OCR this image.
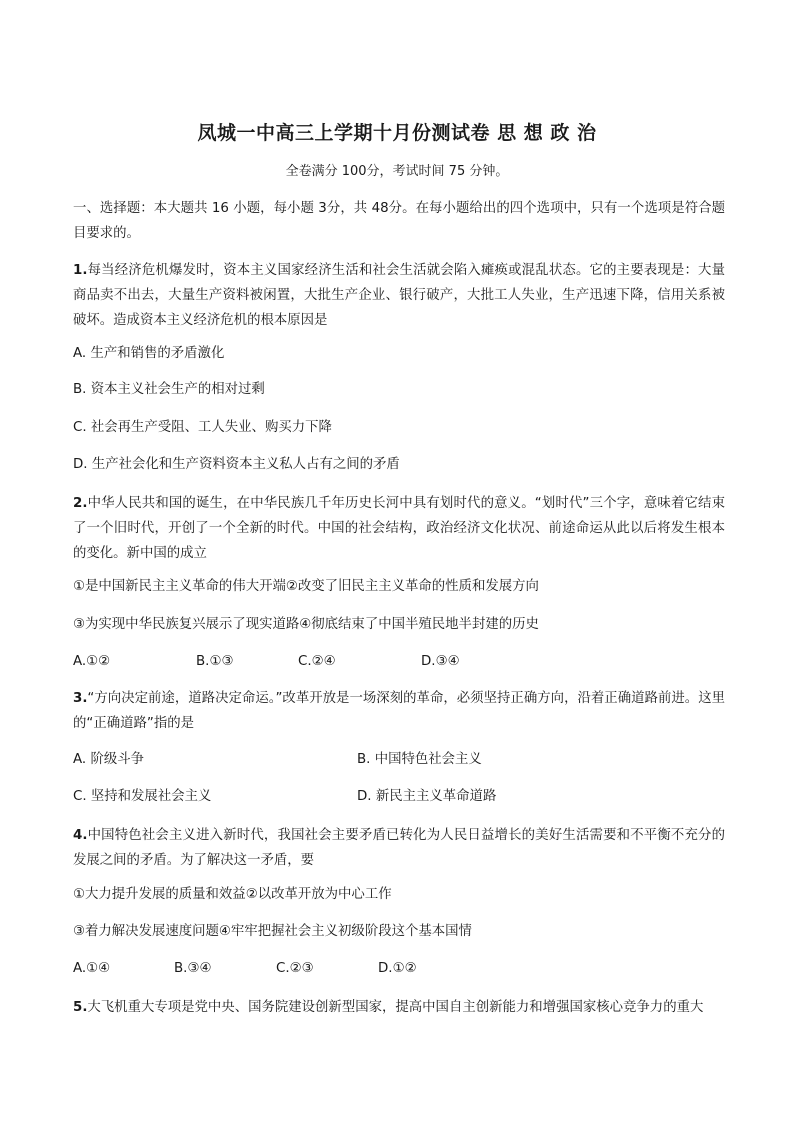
凤城一中高三上学期十月份测试卷 思 想 政 治
全卷满分 100分，考试时间 75 分钟。

一、选择题：本大题共 16 小题，每小题 3分，共 48分。在每小题给出的四个选项中，只有一个选项是符合题目要求的。

1.每当经济危机爆发时，资本主义国家经济生活和社会生活就会陷入瘫痪或混乱状态。它的主要表现是：大量商品卖不出去，大量生产资料被闲置，大批生产企业、银行破产，大批工人失业，生产迅速下降，信用关系被破坏。造成资本主义经济危机的根本原因是

A. 生产和销售的矛盾激化
B. 资本主义社会生产的相对过剩
C. 社会再生产受阻、工人失业、购买力下降
D. 生产社会化和生产资料资本主义私人占有之间的矛盾

2.中华人民共和国的诞生，在中华民族几千年历史长河中具有划时代的意义。“划时代”三个字，意味着它结束了一个旧时代，开创了一个全新的时代。中国的社会结构，政治经济文化状况、前途命运从此以后将发生根本的变化。新中国的成立

①是中国新民主主义革命的伟大开端②改变了旧民主主义革命的性质和发展方向
③为实现中华民族复兴展示了现实道路④彻底结束了中国半殖民地半封建的历史
A.①②	B.①③	C.②④	D.③④

3.“方向决定前途，道路决定命运。”改革开放是一场深刻的革命，必须坚持正确方向，沿着正确道路前进。这里的“正确道路”指的是

A. 阶级斗争	B. 中国特色社会主义
C. 坚持和发展社会主义	D. 新民主主义革命道路

4.中国特色社会主义进入新时代，我国社会主要矛盾已转化为人民日益增长的美好生活需要和不平衡不充分的发展之间的矛盾。为了解决这一矛盾，要

①大力提升发展的质量和效益②以改革开放为中心工作
③着力解决发展速度问题④牢牢把握社会主义初级阶段这个基本国情
A.①④	B.③④	C.②③	D.①②

5.大飞机重大专项是党中央、国务院建设创新型国家，提高中国自主创新能力和增强国家核心竞争力的重大
